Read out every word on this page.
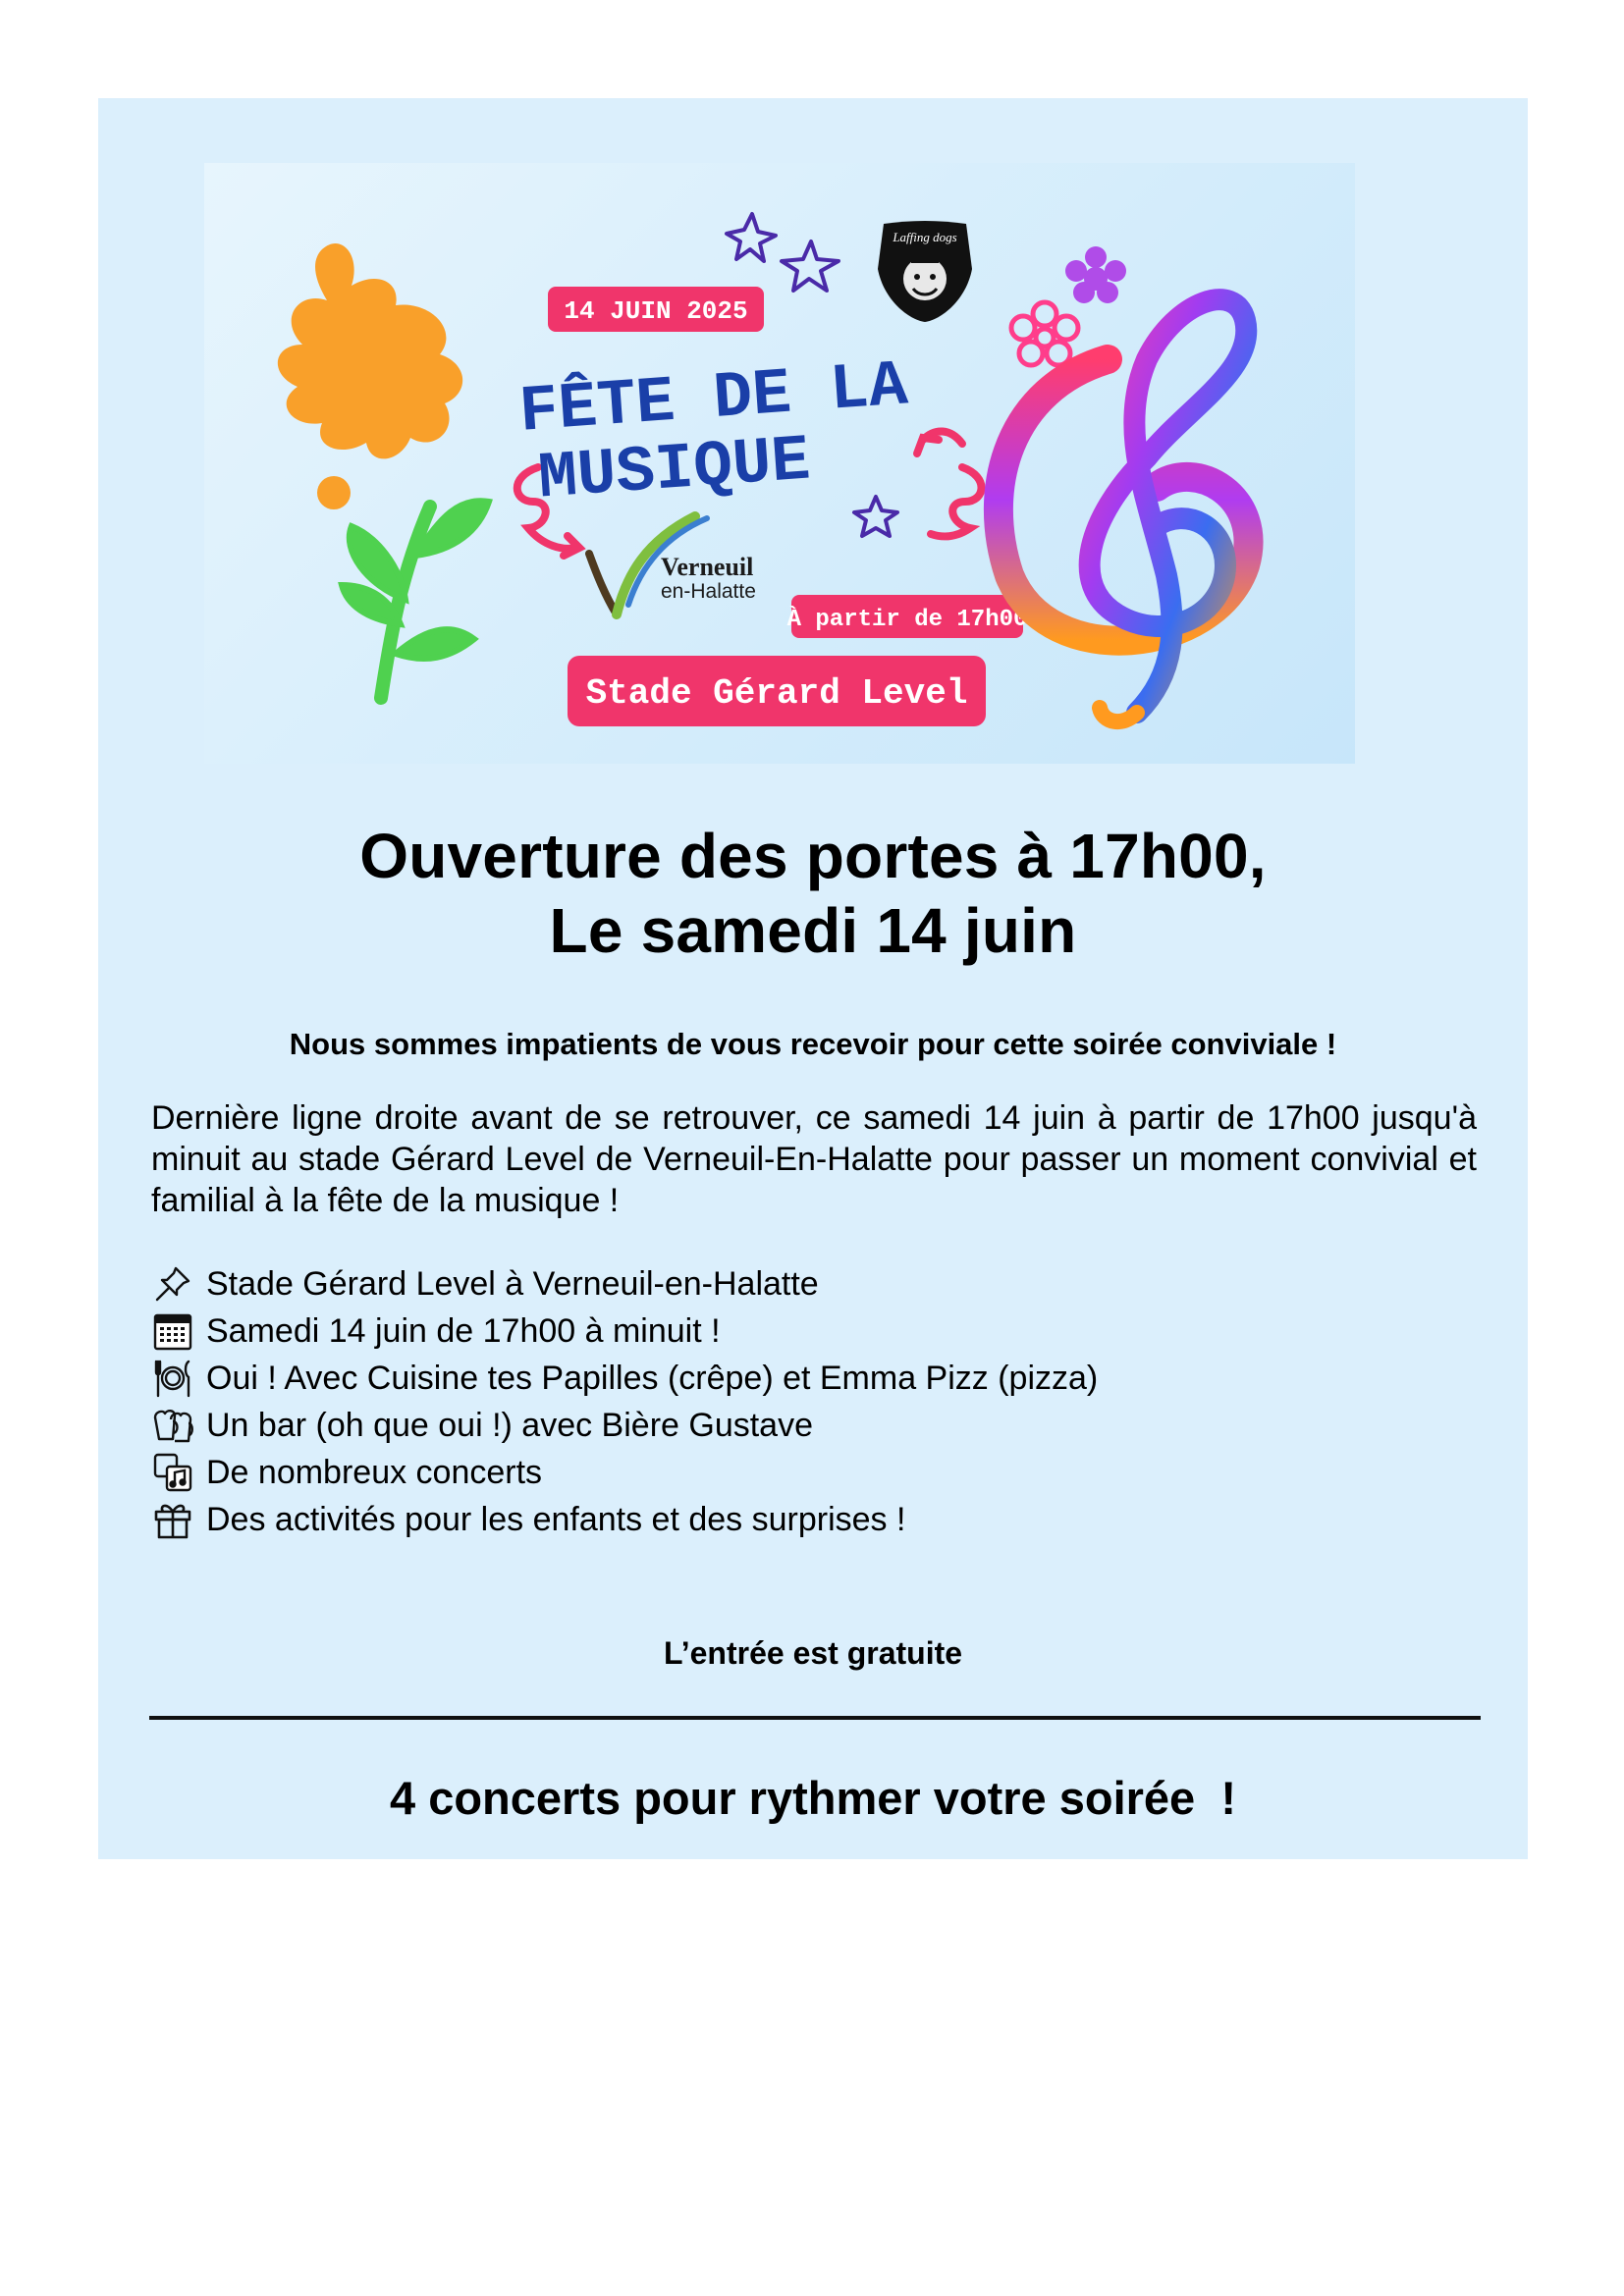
14 JUIN 2025
FÊTE DE LA
MUSIQUE
Verneuil
en-Halatte
À partir de 17h00
Stade Gérard Level
Laffing dogs
Ouverture des portes à 17h00,
Le samedi 14 juin

Nous sommes impatients de vous recevoir pour cette soirée conviviale !

Dernière ligne droite avant de se retrouver, ce samedi 14 juin à partir de 17h00 jusqu'à minuit au stade Gérard Level de Verneuil-En-Halatte pour passer un moment convivial et familial à la fête de la musique !

Stade Gérard Level à Verneuil-en-Halatte
Samedi 14 juin de 17h00 à minuit !
Oui ! Avec Cuisine tes Papilles (crêpe) et Emma Pizz (pizza)
Un bar (oh que oui !) avec Bière Gustave
De nombreux concerts
Des activités pour les enfants et des surprises !

L’entrée est gratuite

4 concerts pour rythmer votre soirée  !
